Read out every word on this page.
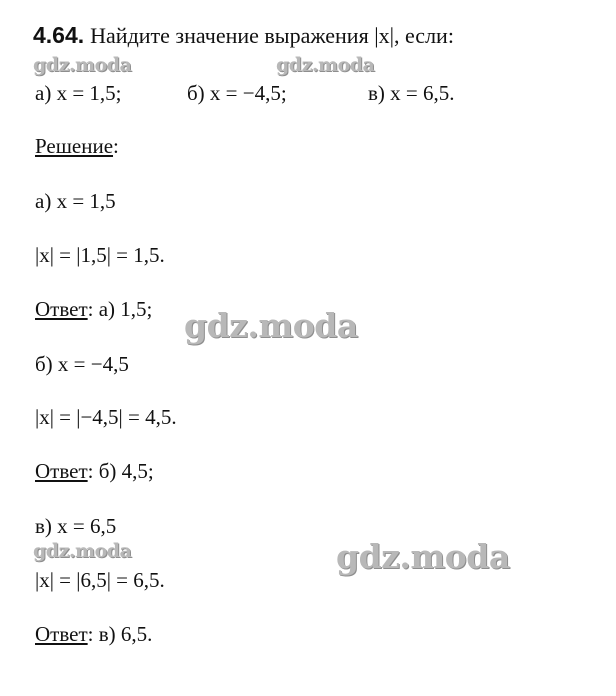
4.64. Найдите значение выражения |x|, если:
а) x = 1,5;	б) x = −4,5;	в) x = 6,5.
Решение:
а) x = 1,5
|x| = |1,5| = 1,5.
Ответ: а) 1,5;
б) x = −4,5
|x| = |−4,5| = 4,5.
Ответ: б) 4,5;
в) x = 6,5
|x| = |6,5| = 6,5.
Ответ: в) 6,5.
gdz.moda	gdz.moda
gdz.moda
gdz.moda	gdz.moda
